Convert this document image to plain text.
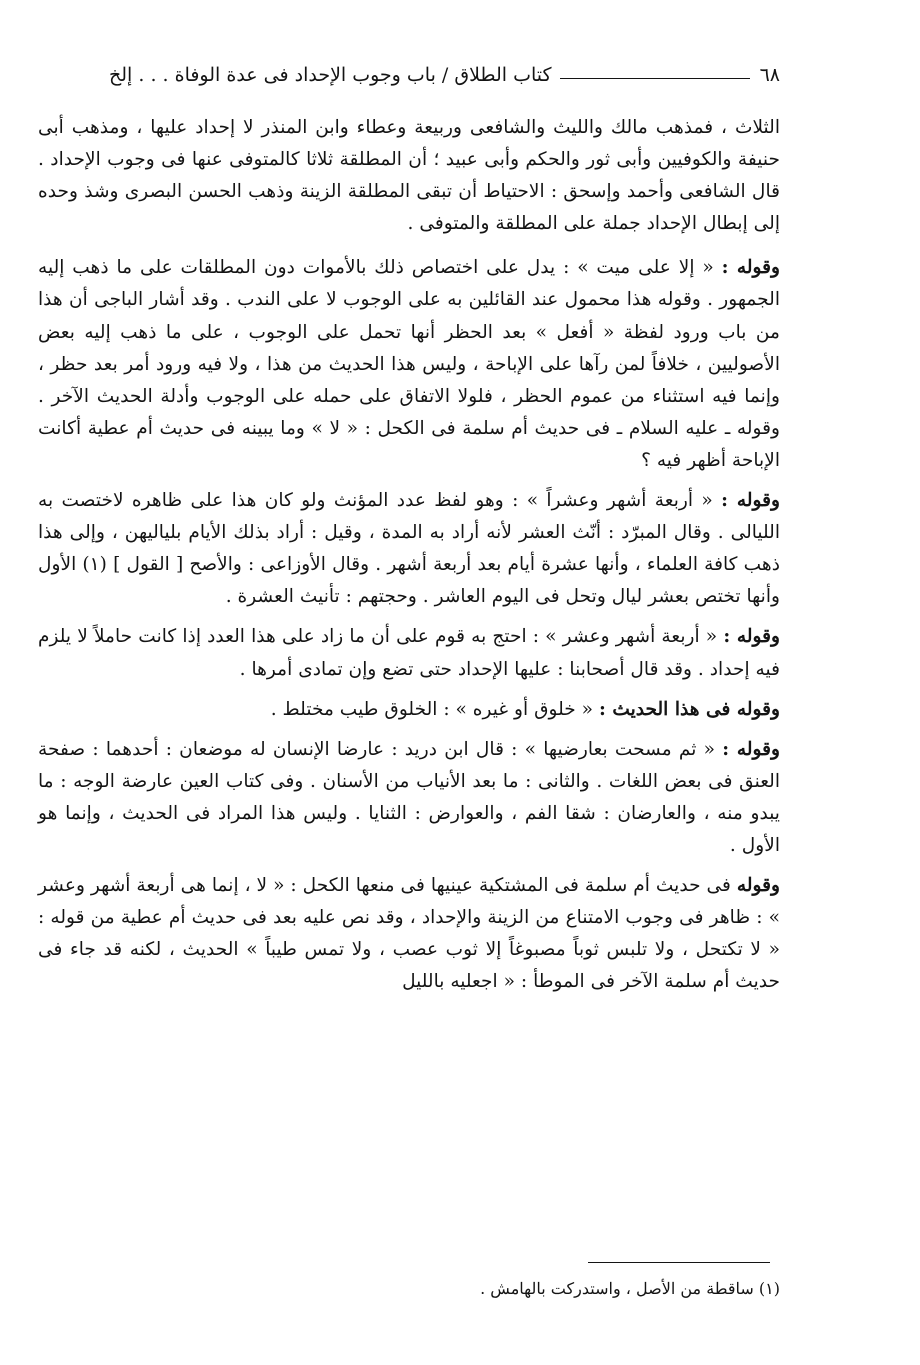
٦٨
كتاب الطلاق / باب وجوب الإحداد فى عدة الوفاة . . . إلخ

الثلاث ، فمذهب مالك والليث والشافعى وربيعة وعطاء وابن المنذر لا إحداد عليها ، ومذهب أبى حنيفة والكوفيين وأبى ثور والحكم وأبى عبيد ؛ أن المطلقة ثلاثا كالمتوفى عنها فى وجوب الإحداد . قال الشافعى وأحمد وإسحق : الاحتياط أن تبقى المطلقة الزينة وذهب الحسن البصرى وشذ وحده إلى إبطال الإحداد جملة على المطلقة والمتوفى .

وقوله : « إلا على ميت » : يدل على اختصاص ذلك بالأموات دون المطلقات على ما ذهب إليه الجمهور . وقوله هذا محمول عند القائلين به على الوجوب لا على الندب . وقد أشار الباجى أن هذا من باب ورود لفظة « أفعل » بعد الحظر أنها تحمل على الوجوب ، على ما ذهب إليه بعض الأصوليين ، خلافاً لمن رآها على الإباحة ، وليس هذا الحديث من هذا ، ولا فيه ورود أمر بعد حظر ، وإنما فيه استثناء من عموم الحظر ، فلولا الاتفاق على حمله على الوجوب وأدلة الحديث الآخر . وقوله ـ عليه السلام ـ فى حديث أم سلمة فى الكحل : « لا » وما يبينه فى حديث أم عطية أكانت الإباحة أظهر فيه ؟

وقوله : « أربعة أشهر وعشراً » : وهو لفظ عدد المؤنث ولو كان هذا على ظاهره لاختصت به الليالى . وقال المبرّد : أنّث العشر لأنه أراد به المدة ، وقيل : أراد بذلك الأيام بلياليهن ، وإلى هذا ذهب كافة العلماء ، وأنها عشرة أيام بعد أربعة أشهر . وقال الأوزاعى : والأصح [ القول ] (١) الأول وأنها تختص بعشر ليال وتحل فى اليوم العاشر . وحجتهم : تأنيث العشرة .

وقوله : « أربعة أشهر وعشر » : احتج به قوم على أن ما زاد على هذا العدد إذا كانت حاملاً لا يلزم فيه إحداد . وقد قال أصحابنا : عليها الإحداد حتى تضع وإن تمادى أمرها .

وقوله فى هذا الحديث : « خلوق أو غيره » : الخلوق طيب مختلط .

وقوله : « ثم مسحت بعارضيها » : قال ابن دريد : عارضا الإنسان له موضعان : أحدهما : صفحة العنق فى بعض اللغات . والثانى : ما بعد الأنياب من الأسنان . وفى كتاب العين عارضة الوجه : ما يبدو منه ، والعارضان : شقا الفم ، والعوارض : الثنايا . وليس هذا المراد فى الحديث ، وإنما هو الأول .

وقوله فى حديث أم سلمة فى المشتكية عينيها فى منعها الكحل : « لا ، إنما هى أربعة أشهر وعشر » : ظاهر فى وجوب الامتناع من الزينة والإحداد ، وقد نص عليه بعد فى حديث أم عطية من قوله : « لا تكتحل ، ولا تلبس ثوباً مصبوغاً إلا ثوب عصب ، ولا تمس طيباً » الحديث ، لكنه قد جاء فى حديث أم سلمة الآخر فى الموطأ : « اجعليه بالليل

(١) ساقطة من الأصل ، واستدركت بالهامش .
